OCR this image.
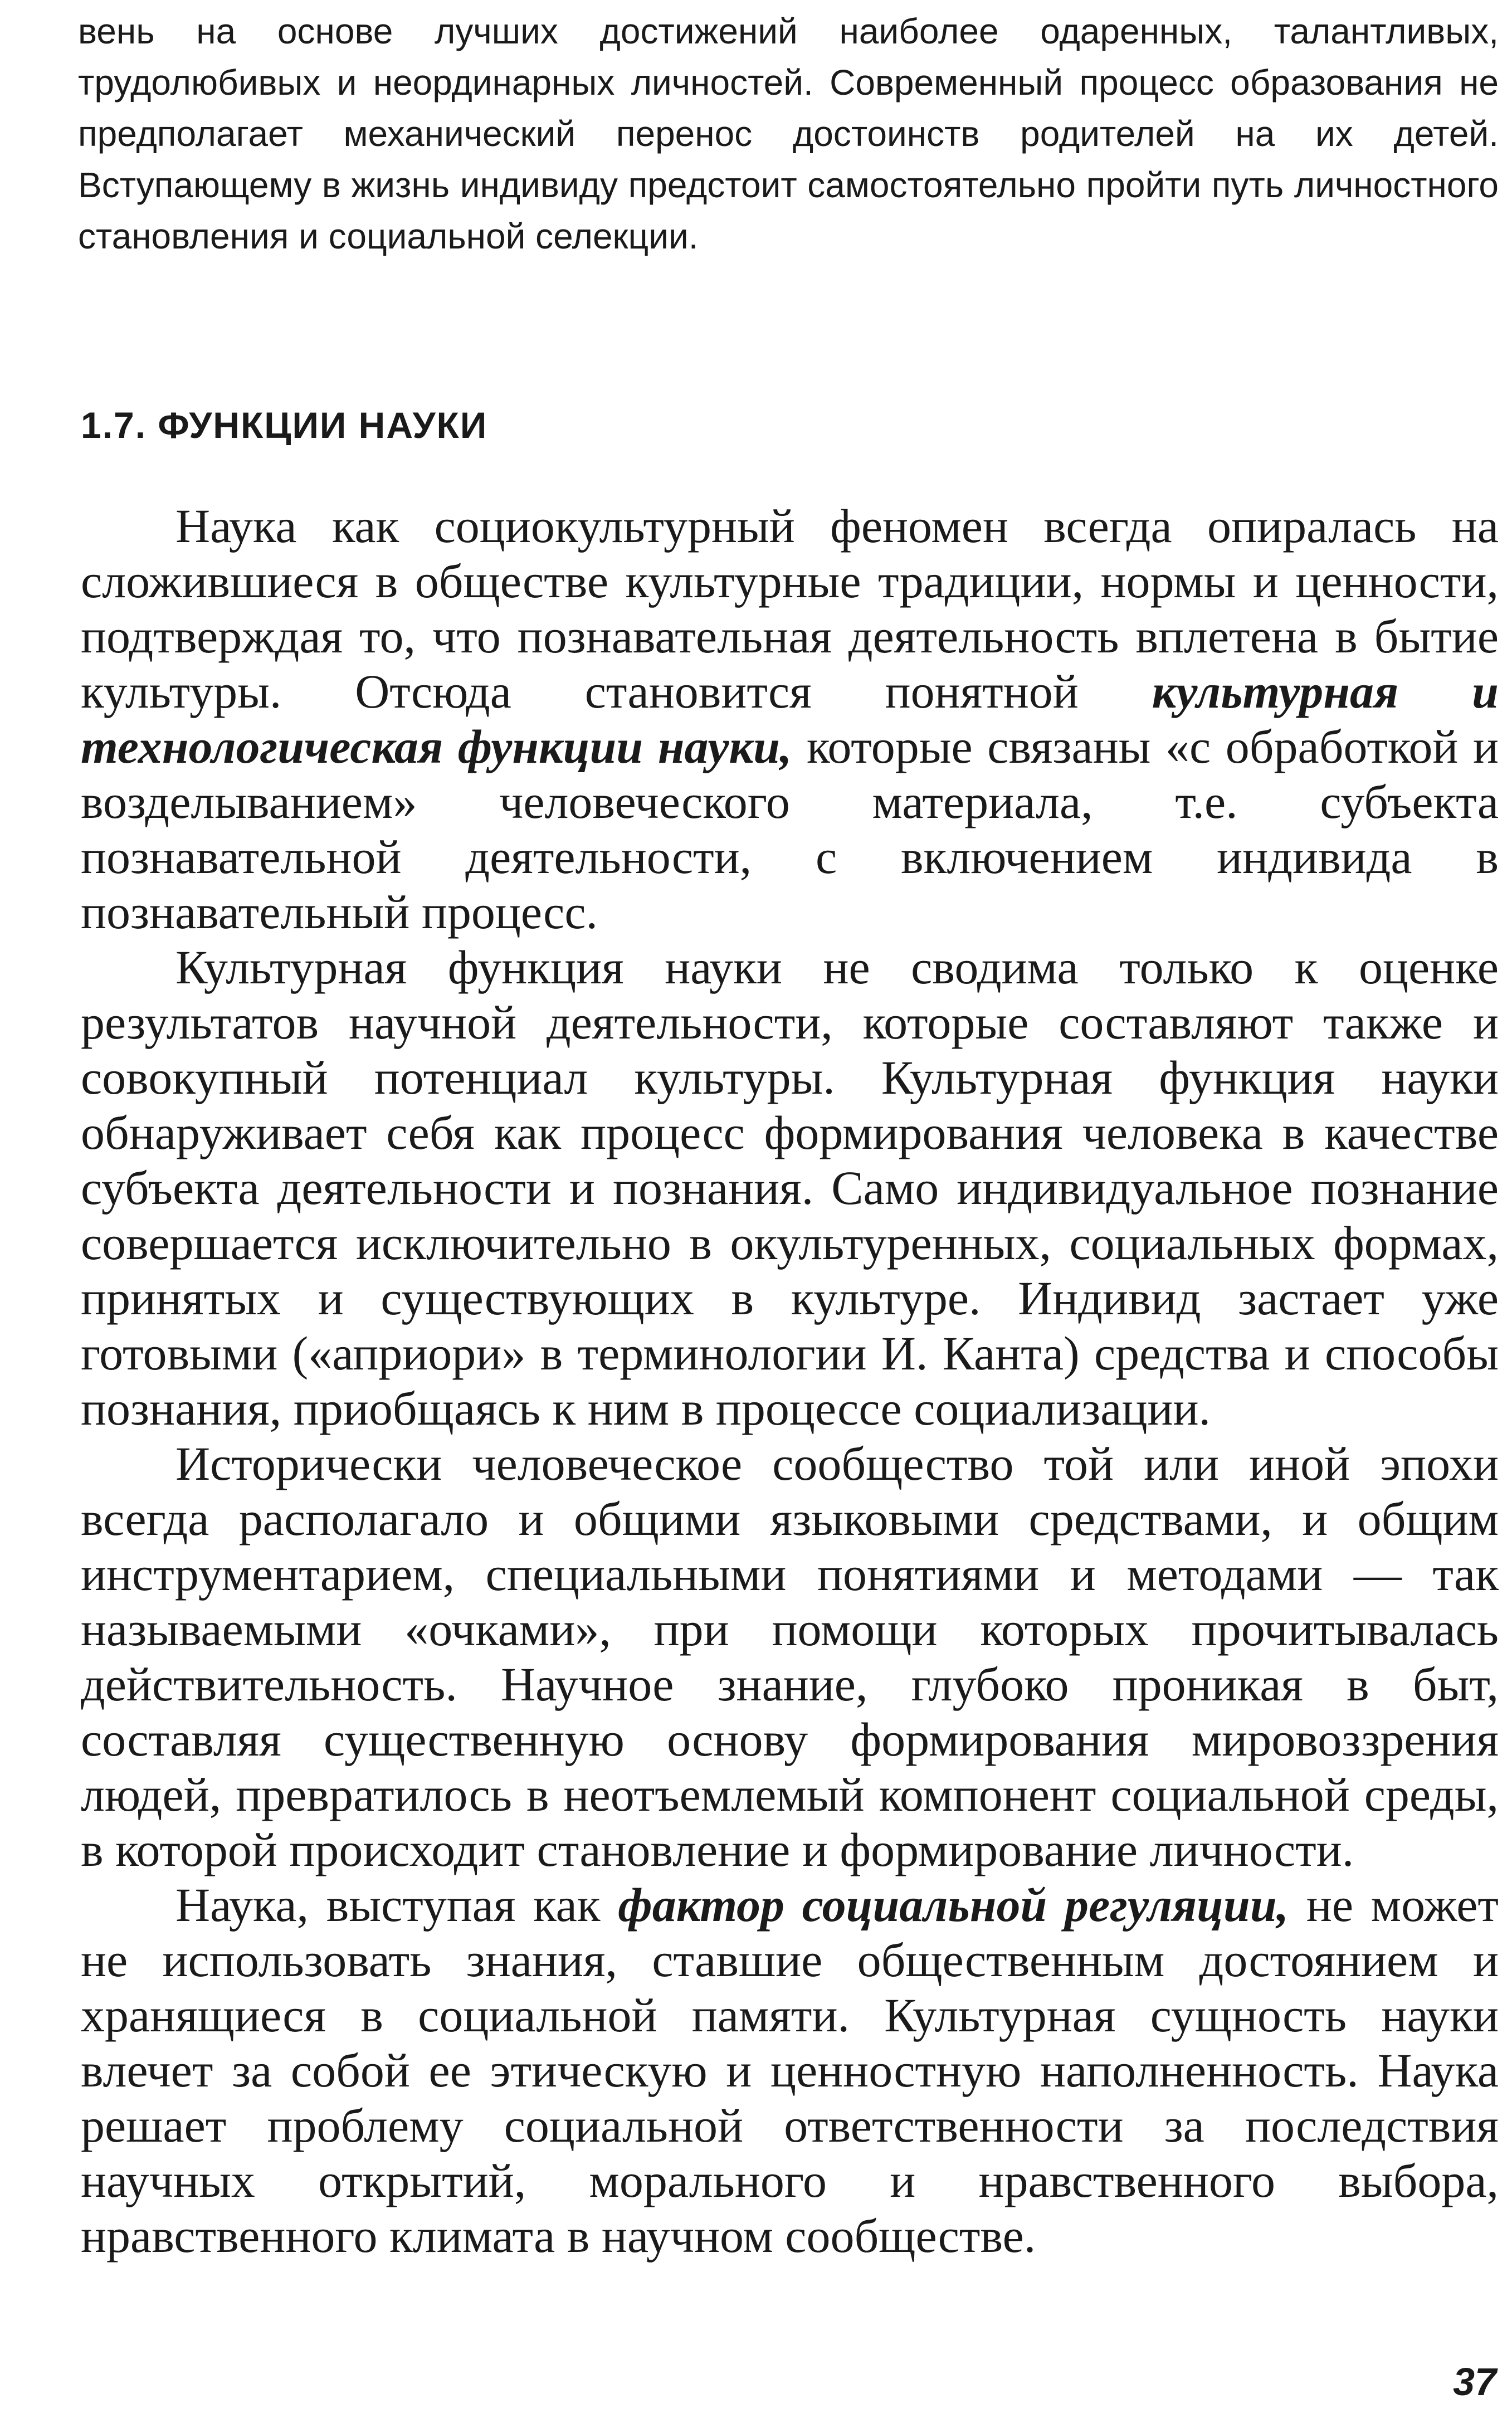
вень на основе лучших достижений наиболее одаренных, талантливых, трудолюбивых и неординарных личностей. Современный процесс образования не предполагает механический перенос достоинств родителей на их детей. Вступающему в жизнь индивиду предстоит самостоятельно пройти путь личностного становления и социальной селекции.

1.7. ФУНКЦИИ НАУКИ

Наука как социокультурный феномен всегда опиралась на сложившиеся в обществе культурные традиции, нормы и ценности, подтверждая то, что познавательная деятельность вплетена в бытие культуры. Отсюда становится понятной культурная и технологическая функции науки, которые связаны «с обработкой и возделыванием» человеческого материала, т.е. субъекта познавательной деятельности, с включением индивида в познавательный процесс.

Культурная функция науки не сводима только к оценке результатов научной деятельности, которые составляют также и совокупный потенциал культуры. Культурная функция науки обнаруживает себя как процесс формирования человека в качестве субъекта деятельности и познания. Само индивидуальное познание совершается исключительно в окультуренных, социальных формах, принятых и существующих в культуре. Индивид застает уже готовыми («априори» в терминологии И. Канта) средства и способы познания, приобщаясь к ним в процессе социализации.

Исторически человеческое сообщество той или иной эпохи всегда располагало и общими языковыми средствами, и общим инструментарием, специальными понятиями и методами — так называемыми «очками», при помощи которых прочитывалась действительность. Научное знание, глубоко проникая в быт, составляя существенную основу формирования мировоззрения людей, превратилось в неотъемлемый компонент социальной среды, в которой происходит становление и формирование личности.

Наука, выступая как фактор социальной регуляции, не может не использовать знания, ставшие общественным достоянием и хранящиеся в социальной памяти. Культурная сущность науки влечет за собой ее этическую и ценностную наполненность. Наука решает проблему социальной ответственности за последствия научных открытий, морального и нравственного выбора, нравственного климата в научном сообществе.

37
